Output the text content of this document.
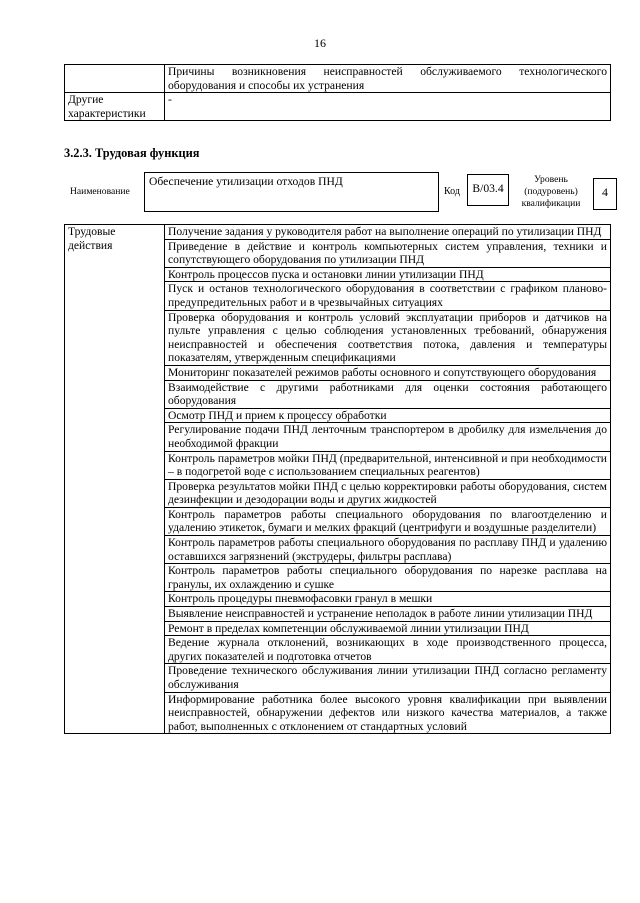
16
	Причины возникновения неисправностей обслуживаемого технологического оборудования и способы их устранения
Другие характеристики	-
3.2.3. Трудовая функция
Наименование
Обеспечение утилизации отходов ПНД
Код	B/03.4
Уровень (подуровень) квалификации
4
Трудовые действия	Получение задания у руководителя работ на выполнение операций по утилизации ПНД
Приведение в действие и контроль компьютерных систем управления, техники и сопутствующего оборудования по утилизации ПНД
Контроль процессов пуска и остановки линии утилизации ПНД
Пуск и останов технологического оборудования в соответствии с графиком планово-предупредительных работ и в чрезвычайных ситуациях
Проверка оборудования и контроль условий эксплуатации приборов и датчиков на пульте управления с целью соблюдения установленных требований, обнаружения неисправностей и обеспечения соответствия потока, давления и температуры показателям, утвержденным спецификациями
Мониторинг показателей режимов работы основного и сопутствующего оборудования
Взаимодействие с другими работниками для оценки состояния работающего оборудования
Осмотр ПНД и прием к процессу обработки
Регулирование подачи ПНД ленточным транспортером в дробилку для измельчения до необходимой фракции
Контроль параметров мойки ПНД (предварительной, интенсивной и при необходимости – в подогретой воде с использованием специальных реагентов)
Проверка результатов мойки ПНД с целью корректировки работы оборудования, систем дезинфекции и дезодорации воды и других жидкостей
Контроль параметров работы специального оборудования по влагоотделению и удалению этикеток, бумаги и мелких фракций (центрифуги и воздушные разделители)
Контроль параметров работы специального оборудования по расплаву ПНД и удалению оставшихся загрязнений (экструдеры, фильтры расплава)
Контроль параметров работы специального оборудования по нарезке расплава на гранулы, их охлаждению и сушке
Контроль процедуры пневмофасовки гранул в мешки
Выявление неисправностей и устранение неполадок в работе линии утилизации ПНД
Ремонт в пределах компетенции обслуживаемой линии утилизации ПНД
Ведение журнала отклонений, возникающих в ходе производственного процесса, других показателей и подготовка отчетов
Проведение технического обслуживания линии утилизации ПНД согласно регламенту обслуживания
Информирование работника более высокого уровня квалификации при выявлении неисправностей, обнаружении дефектов или низкого качества материалов, а также работ, выполненных с отклонением от стандартных условий
